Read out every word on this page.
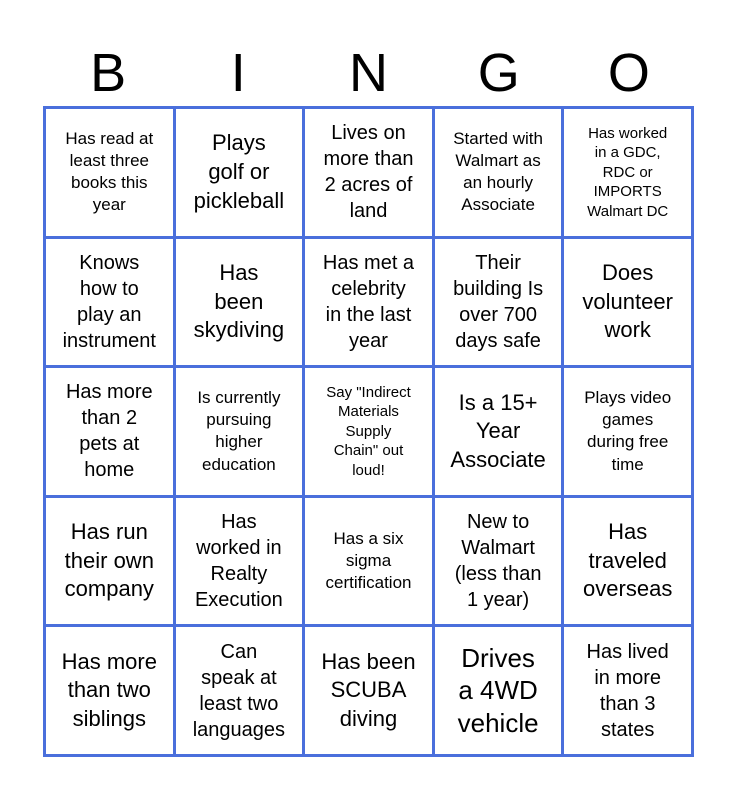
B	I	N	G	O
Has read at
least three
books this
year
Plays
golf or
pickleball
Lives on
more than
2 acres of
land
Started with
Walmart as
an hourly
Associate
Has worked
in a GDC,
RDC or
IMPORTS
Walmart DC
Knows
how to
play an
instrument
Has
been
skydiving
Has met a
celebrity
in the last
year
Their
building Is
over 700
days safe
Does
volunteer
work
Has more
than 2
pets at
home
Is currently
pursuing
higher
education
Say "Indirect
Materials
Supply
Chain" out
loud!
Is a 15+
Year
Associate
Plays video
games
during free
time
Has run
their own
company
Has
worked in
Realty
Execution
Has a six
sigma
certification
New to
Walmart
(less than
1 year)
Has
traveled
overseas
Has more
than two
siblings
Can
speak at
least two
languages
Has been
SCUBA
diving
Drives
a 4WD
vehicle
Has lived
in more
than 3
states
